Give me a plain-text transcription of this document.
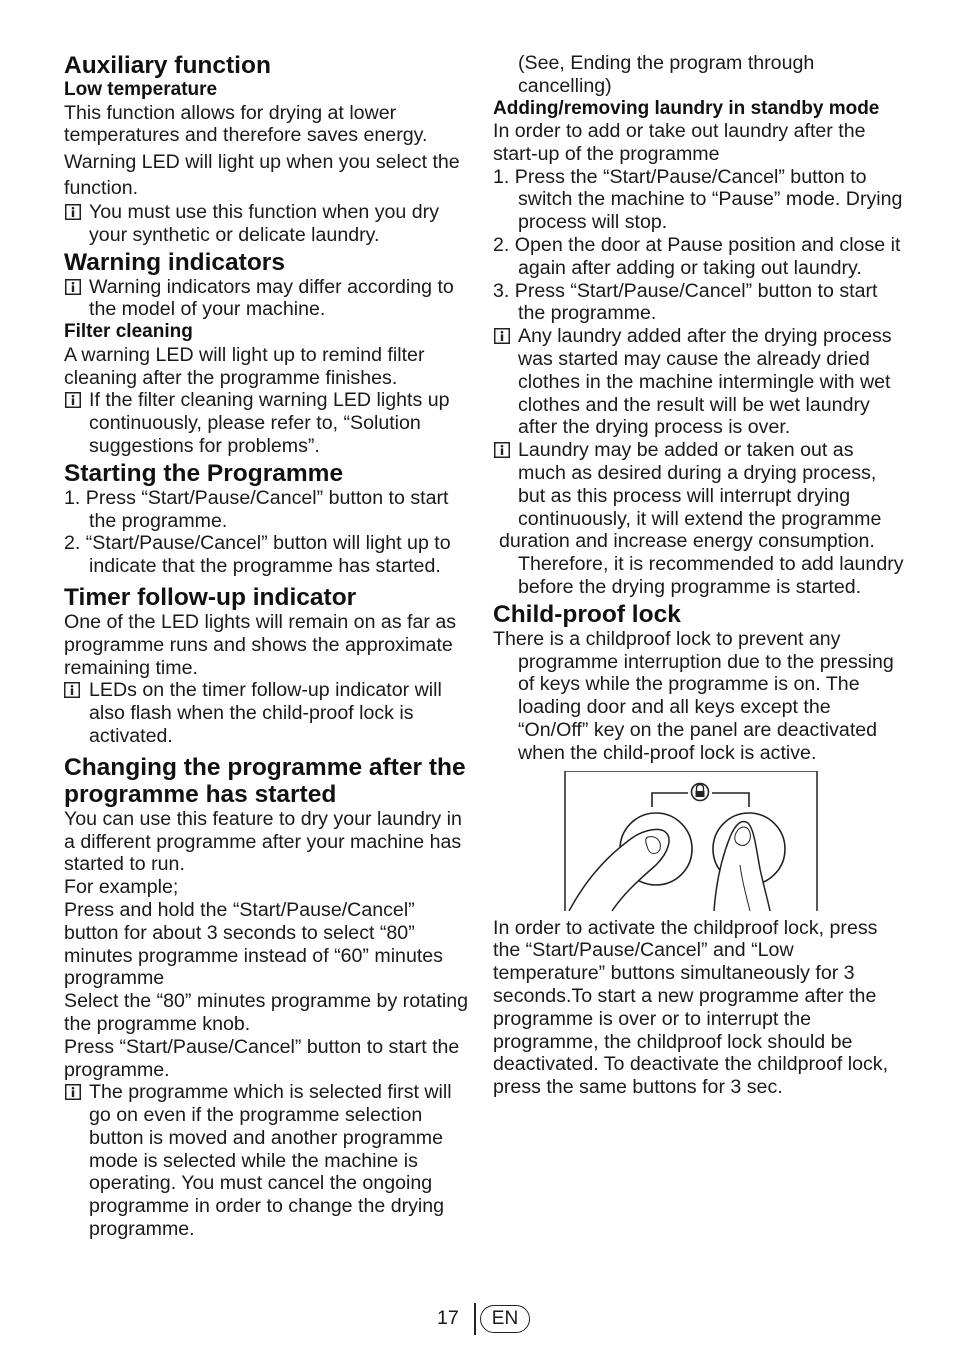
Auxiliary function
Low temperature

This function allows for drying at lower temperatures and therefore saves energy.

Warning LED will light up when you select the function.

You must use this function when you dry your synthetic or delicate laundry.
Warning indicators
Warning indicators may differ according to the model of your machine.
Filter cleaning

A warning LED will light up to remind filter cleaning after the programme finishes.

If the filter cleaning warning LED lights up continuously, please refer to, “Solution suggestions for problems”.
Starting the Programme

1. Press “Start/Pause/Cancel” button to start the programme.

2. “Start/Pause/Cancel” button will light up to indicate that the programme has started.

Timer follow-up indicator

One of the LED lights will remain on as far as programme runs and shows the approximate remaining time.

LEDs on the timer follow-up indicator will also flash when the child-proof lock is activated.
Changing the programme after the programme has started

You can use this feature to dry your laundry in a different programme after your machine has started to run.

For example;

Press and hold the “Start/Pause/Cancel” button for about 3 seconds to select “80” minutes programme instead of “60” minutes programme

Select the “80” minutes programme by rotating the programme knob.

Press “Start/Pause/Cancel” button to start the programme.

The programme which is selected first will go on even if the programme selection button is moved and another programme mode is selected while the machine is operating. You must cancel the ongoing programme in order to change the drying programme.

(See, Ending the program through cancelling)

Adding/removing laundry in standby mode

In order to add or take out laundry after the start-up of the programme

1. Press the “Start/Pause/Cancel” button to switch the machine to “Pause” mode. Drying process will stop.

2. Open the door at Pause position and close it again after adding or taking out laundry.

3. Press “Start/Pause/Cancel” button to start the programme.

Any laundry added after the drying process was started may cause the already dried clothes in the machine intermingle with wet clothes and the result will be wet laundry after the drying process is over.
Laundry may be added or taken out as much as desired during a drying process, but as this process will interrupt drying continuously, it will extend the programme

duration and increase energy consumption. Therefore, it is recommended to add laundry before the drying programme is started.

Child-proof lock

There is a childproof lock to prevent any programme interruption due to the pressing of keys while the programme is on. The loading door and all keys except the “On/Off” key on the panel are deactivated when the child-proof lock is active.

In order to activate the childproof lock, press the “Start/Pause/Cancel” and “Low temperature” buttons simultaneously for 3 seconds.To start a new programme after the programme is over or to interrupt the programme, the childproof lock should be deactivated. To deactivate the childproof lock, press the same buttons for 3 sec.

17	EN
